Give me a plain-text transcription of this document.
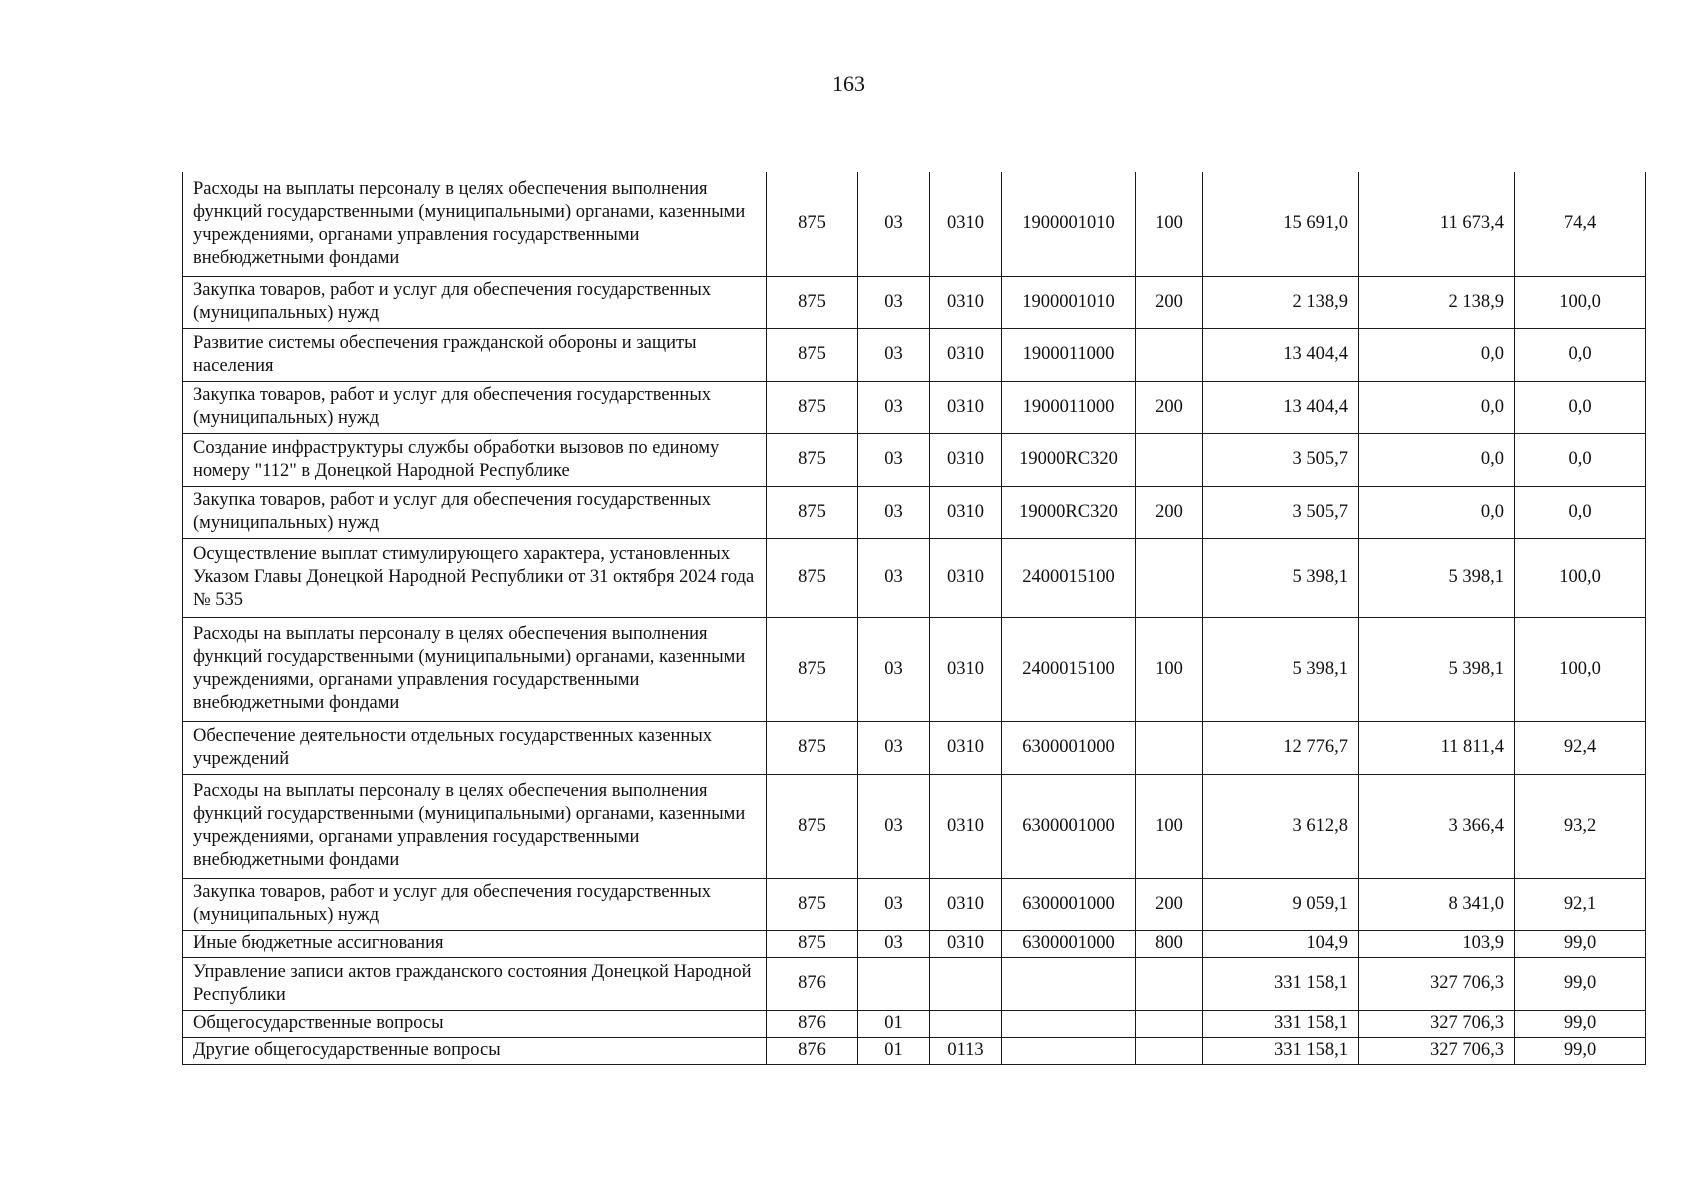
163
Расходы на выплаты персоналу в целях обеспечения выполнения функций государственными (муниципальными) органами, казенными учреждениями, органами управления государственными внебюджетными фондами	875	03	0310	1900001010	100	15 691,0	11 673,4	74,4
Закупка товаров, работ и услуг для обеспечения государственных (муниципальных) нужд	875	03	0310	1900001010	200	2 138,9	2 138,9	100,0
Развитие системы обеспечения гражданской обороны и защиты населения	875	03	0310	1900011000		13 404,4	0,0	0,0
Закупка товаров, работ и услуг для обеспечения государственных (муниципальных) нужд	875	03	0310	1900011000	200	13 404,4	0,0	0,0
Создание инфраструктуры службы обработки вызовов по единому номеру "112" в Донецкой Народной Республике	875	03	0310	19000RC320		3 505,7	0,0	0,0
Закупка товаров, работ и услуг для обеспечения государственных (муниципальных) нужд	875	03	0310	19000RC320	200	3 505,7	0,0	0,0
Осуществление выплат стимулирующего характера, установленных Указом Главы Донецкой Народной Республики от 31 октября 2024 года № 535	875	03	0310	2400015100		5 398,1	5 398,1	100,0
Расходы на выплаты персоналу в целях обеспечения выполнения функций государственными (муниципальными) органами, казенными учреждениями, органами управления государственными внебюджетными фондами	875	03	0310	2400015100	100	5 398,1	5 398,1	100,0
Обеспечение деятельности отдельных государственных казенных учреждений	875	03	0310	6300001000		12 776,7	11 811,4	92,4
Расходы на выплаты персоналу в целях обеспечения выполнения функций государственными (муниципальными) органами, казенными учреждениями, органами управления государственными внебюджетными фондами	875	03	0310	6300001000	100	3 612,8	3 366,4	93,2
Закупка товаров, работ и услуг для обеспечения государственных (муниципальных) нужд	875	03	0310	6300001000	200	9 059,1	8 341,0	92,1
Иные бюджетные ассигнования	875	03	0310	6300001000	800	104,9	103,9	99,0
Управление записи актов гражданского состояния Донецкой Народной Республики	876					331 158,1	327 706,3	99,0
Общегосударственные вопросы	876	01				331 158,1	327 706,3	99,0
Другие общегосударственные вопросы	876	01	0113			331 158,1	327 706,3	99,0
